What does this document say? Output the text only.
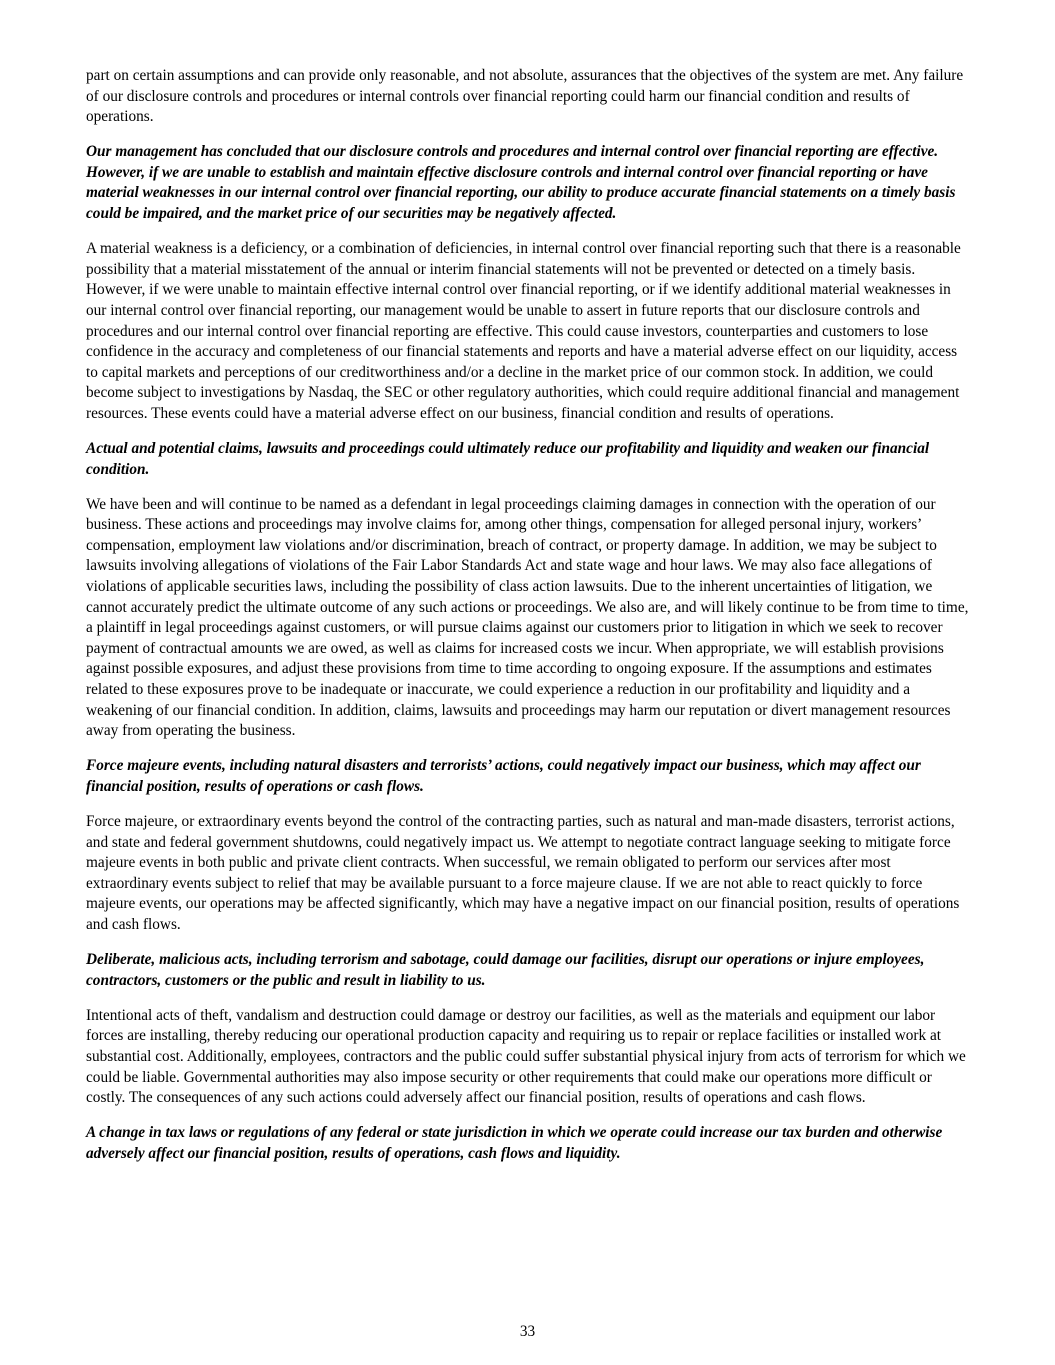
part on certain assumptions and can provide only reasonable, and not absolute, assurances that the objectives of the system are met. Any failure of our disclosure controls and procedures or internal controls over financial reporting could harm our financial condition and results of operations.

Our management has concluded that our disclosure controls and procedures and internal control over financial reporting are effective. However, if we are unable to establish and maintain effective disclosure controls and internal control over financial reporting or have material weaknesses in our internal control over financial reporting, our ability to produce accurate financial statements on a timely basis could be impaired, and the market price of our securities may be negatively affected.

A material weakness is a deficiency, or a combination of deficiencies, in internal control over financial reporting such that there is a reasonable possibility that a material misstatement of the annual or interim financial statements will not be prevented or detected on a timely basis. However, if we were unable to maintain effective internal control over financial reporting, or if we identify additional material weaknesses in our internal control over financial reporting, our management would be unable to assert in future reports that our disclosure controls and procedures and our internal control over financial reporting are effective. This could cause investors, counterparties and customers to lose confidence in the accuracy and completeness of our financial statements and reports and have a material adverse effect on our liquidity, access to capital markets and perceptions of our creditworthiness and/or a decline in the market price of our common stock. In addition, we could become subject to investigations by Nasdaq, the SEC or other regulatory authorities, which could require additional financial and management resources. These events could have a material adverse effect on our business, financial condition and results of operations.

Actual and potential claims, lawsuits and proceedings could ultimately reduce our profitability and liquidity and weaken our financial condition.

We have been and will continue to be named as a defendant in legal proceedings claiming damages in connection with the operation of our business. These actions and proceedings may involve claims for, among other things, compensation for alleged personal injury, workers’ compensation, employment law violations and/or discrimination, breach of contract, or property damage. In addition, we may be subject to lawsuits involving allegations of violations of the Fair Labor Standards Act and state wage and hour laws. We may also face allegations of violations of applicable securities laws, including the possibility of class action lawsuits. Due to the inherent uncertainties of litigation, we cannot accurately predict the ultimate outcome of any such actions or proceedings. We also are, and will likely continue to be from time to time, a plaintiff in legal proceedings against customers, or will pursue claims against our customers prior to litigation in which we seek to recover payment of contractual amounts we are owed, as well as claims for increased costs we incur. When appropriate, we will establish provisions against possible exposures, and adjust these provisions from time to time according to ongoing exposure. If the assumptions and estimates related to these exposures prove to be inadequate or inaccurate, we could experience a reduction in our profitability and liquidity and a weakening of our financial condition. In addition, claims, lawsuits and proceedings may harm our reputation or divert management resources away from operating the business.

Force majeure events, including natural disasters and terrorists’ actions, could negatively impact our business, which may affect our financial position, results of operations or cash flows.

Force majeure, or extraordinary events beyond the control of the contracting parties, such as natural and man-made disasters, terrorist actions, and state and federal government shutdowns, could negatively impact us. We attempt to negotiate contract language seeking to mitigate force majeure events in both public and private client contracts. When successful, we remain obligated to perform our services after most extraordinary events subject to relief that may be available pursuant to a force majeure clause. If we are not able to react quickly to force majeure events, our operations may be affected significantly, which may have a negative impact on our financial position, results of operations and cash flows.

Deliberate, malicious acts, including terrorism and sabotage, could damage our facilities, disrupt our operations or injure employees, contractors, customers or the public and result in liability to us.

Intentional acts of theft, vandalism and destruction could damage or destroy our facilities, as well as the materials and equipment our labor forces are installing, thereby reducing our operational production capacity and requiring us to repair or replace facilities or installed work at substantial cost. Additionally, employees, contractors and the public could suffer substantial physical injury from acts of terrorism for which we could be liable. Governmental authorities may also impose security or other requirements that could make our operations more difficult or costly. The consequences of any such actions could adversely affect our financial position, results of operations and cash flows.

A change in tax laws or regulations of any federal or state jurisdiction in which we operate could increase our tax burden and otherwise adversely affect our financial position, results of operations, cash flows and liquidity.

33
